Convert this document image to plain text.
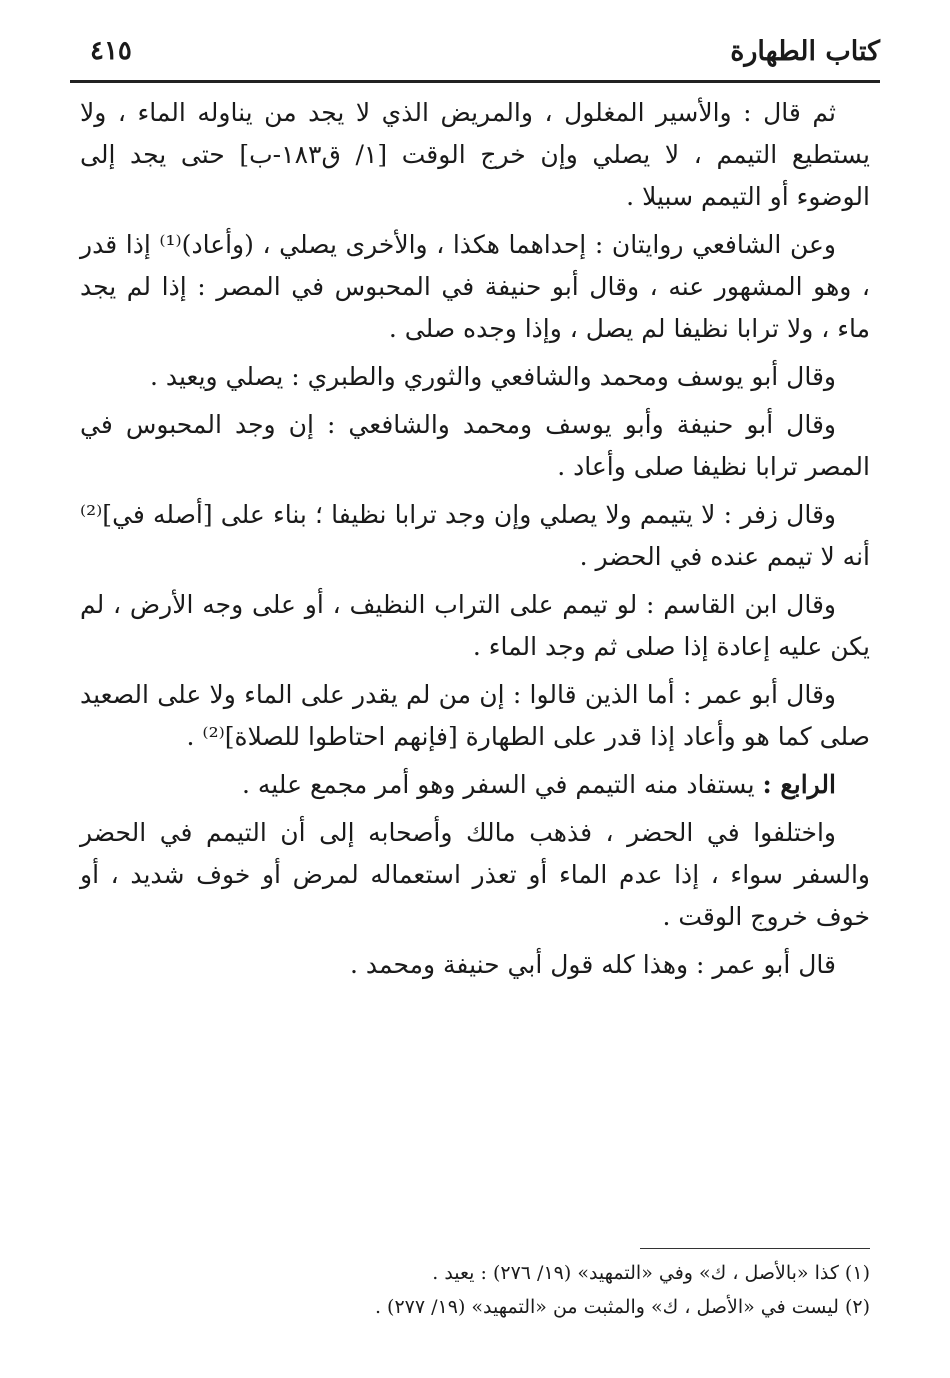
كتاب الطهارة
٤١٥

ثم قال : والأسير المغلول ، والمريض الذي لا يجد من يناوله الماء ، ولا يستطيع التيمم ، لا يصلي وإن خرج الوقت [١/ ق١٨٣-ب] حتى يجد إلى الوضوء أو التيمم سبيلا .

وعن الشافعي روايتان : إحداهما هكذا ، والأخرى يصلي ، (وأعاد)⁽¹⁾ إذا قدر ، وهو المشهور عنه ، وقال أبو حنيفة في المحبوس في المصر : إذا لم يجد ماء ، ولا ترابا نظيفا لم يصل ، وإذا وجده صلى .

وقال أبو يوسف ومحمد والشافعي والثوري والطبري : يصلي ويعيد .

وقال أبو حنيفة وأبو يوسف ومحمد والشافعي : إن وجد المحبوس في المصر ترابا نظيفا صلى وأعاد .

وقال زفر : لا يتيمم ولا يصلي وإن وجد ترابا نظيفا ؛ بناء على [أصله في]⁽²⁾ أنه لا تيمم عنده في الحضر .

وقال ابن القاسم : لو تيمم على التراب النظيف ، أو على وجه الأرض ، لم يكن عليه إعادة إذا صلى ثم وجد الماء .

وقال أبو عمر : أما الذين قالوا : إن من لم يقدر على الماء ولا على الصعيد صلى كما هو وأعاد إذا قدر على الطهارة [فإنهم احتاطوا للصلاة]⁽²⁾ .

الرابع : يستفاد منه التيمم في السفر وهو أمر مجمع عليه .

واختلفوا في الحضر ، فذهب مالك وأصحابه إلى أن التيمم في الحضر والسفر سواء ، إذا عدم الماء أو تعذر استعماله لمرض أو خوف شديد ، أو خوف خروج الوقت .

قال أبو عمر : وهذا كله قول أبي حنيفة ومحمد .

(١) كذا «بالأصل ، ك» وفي «التمهيد» (١٩/ ٢٧٦) : يعيد .
(٢) ليست في «الأصل ، ك» والمثبت من «التمهيد» (١٩/ ٢٧٧) .
